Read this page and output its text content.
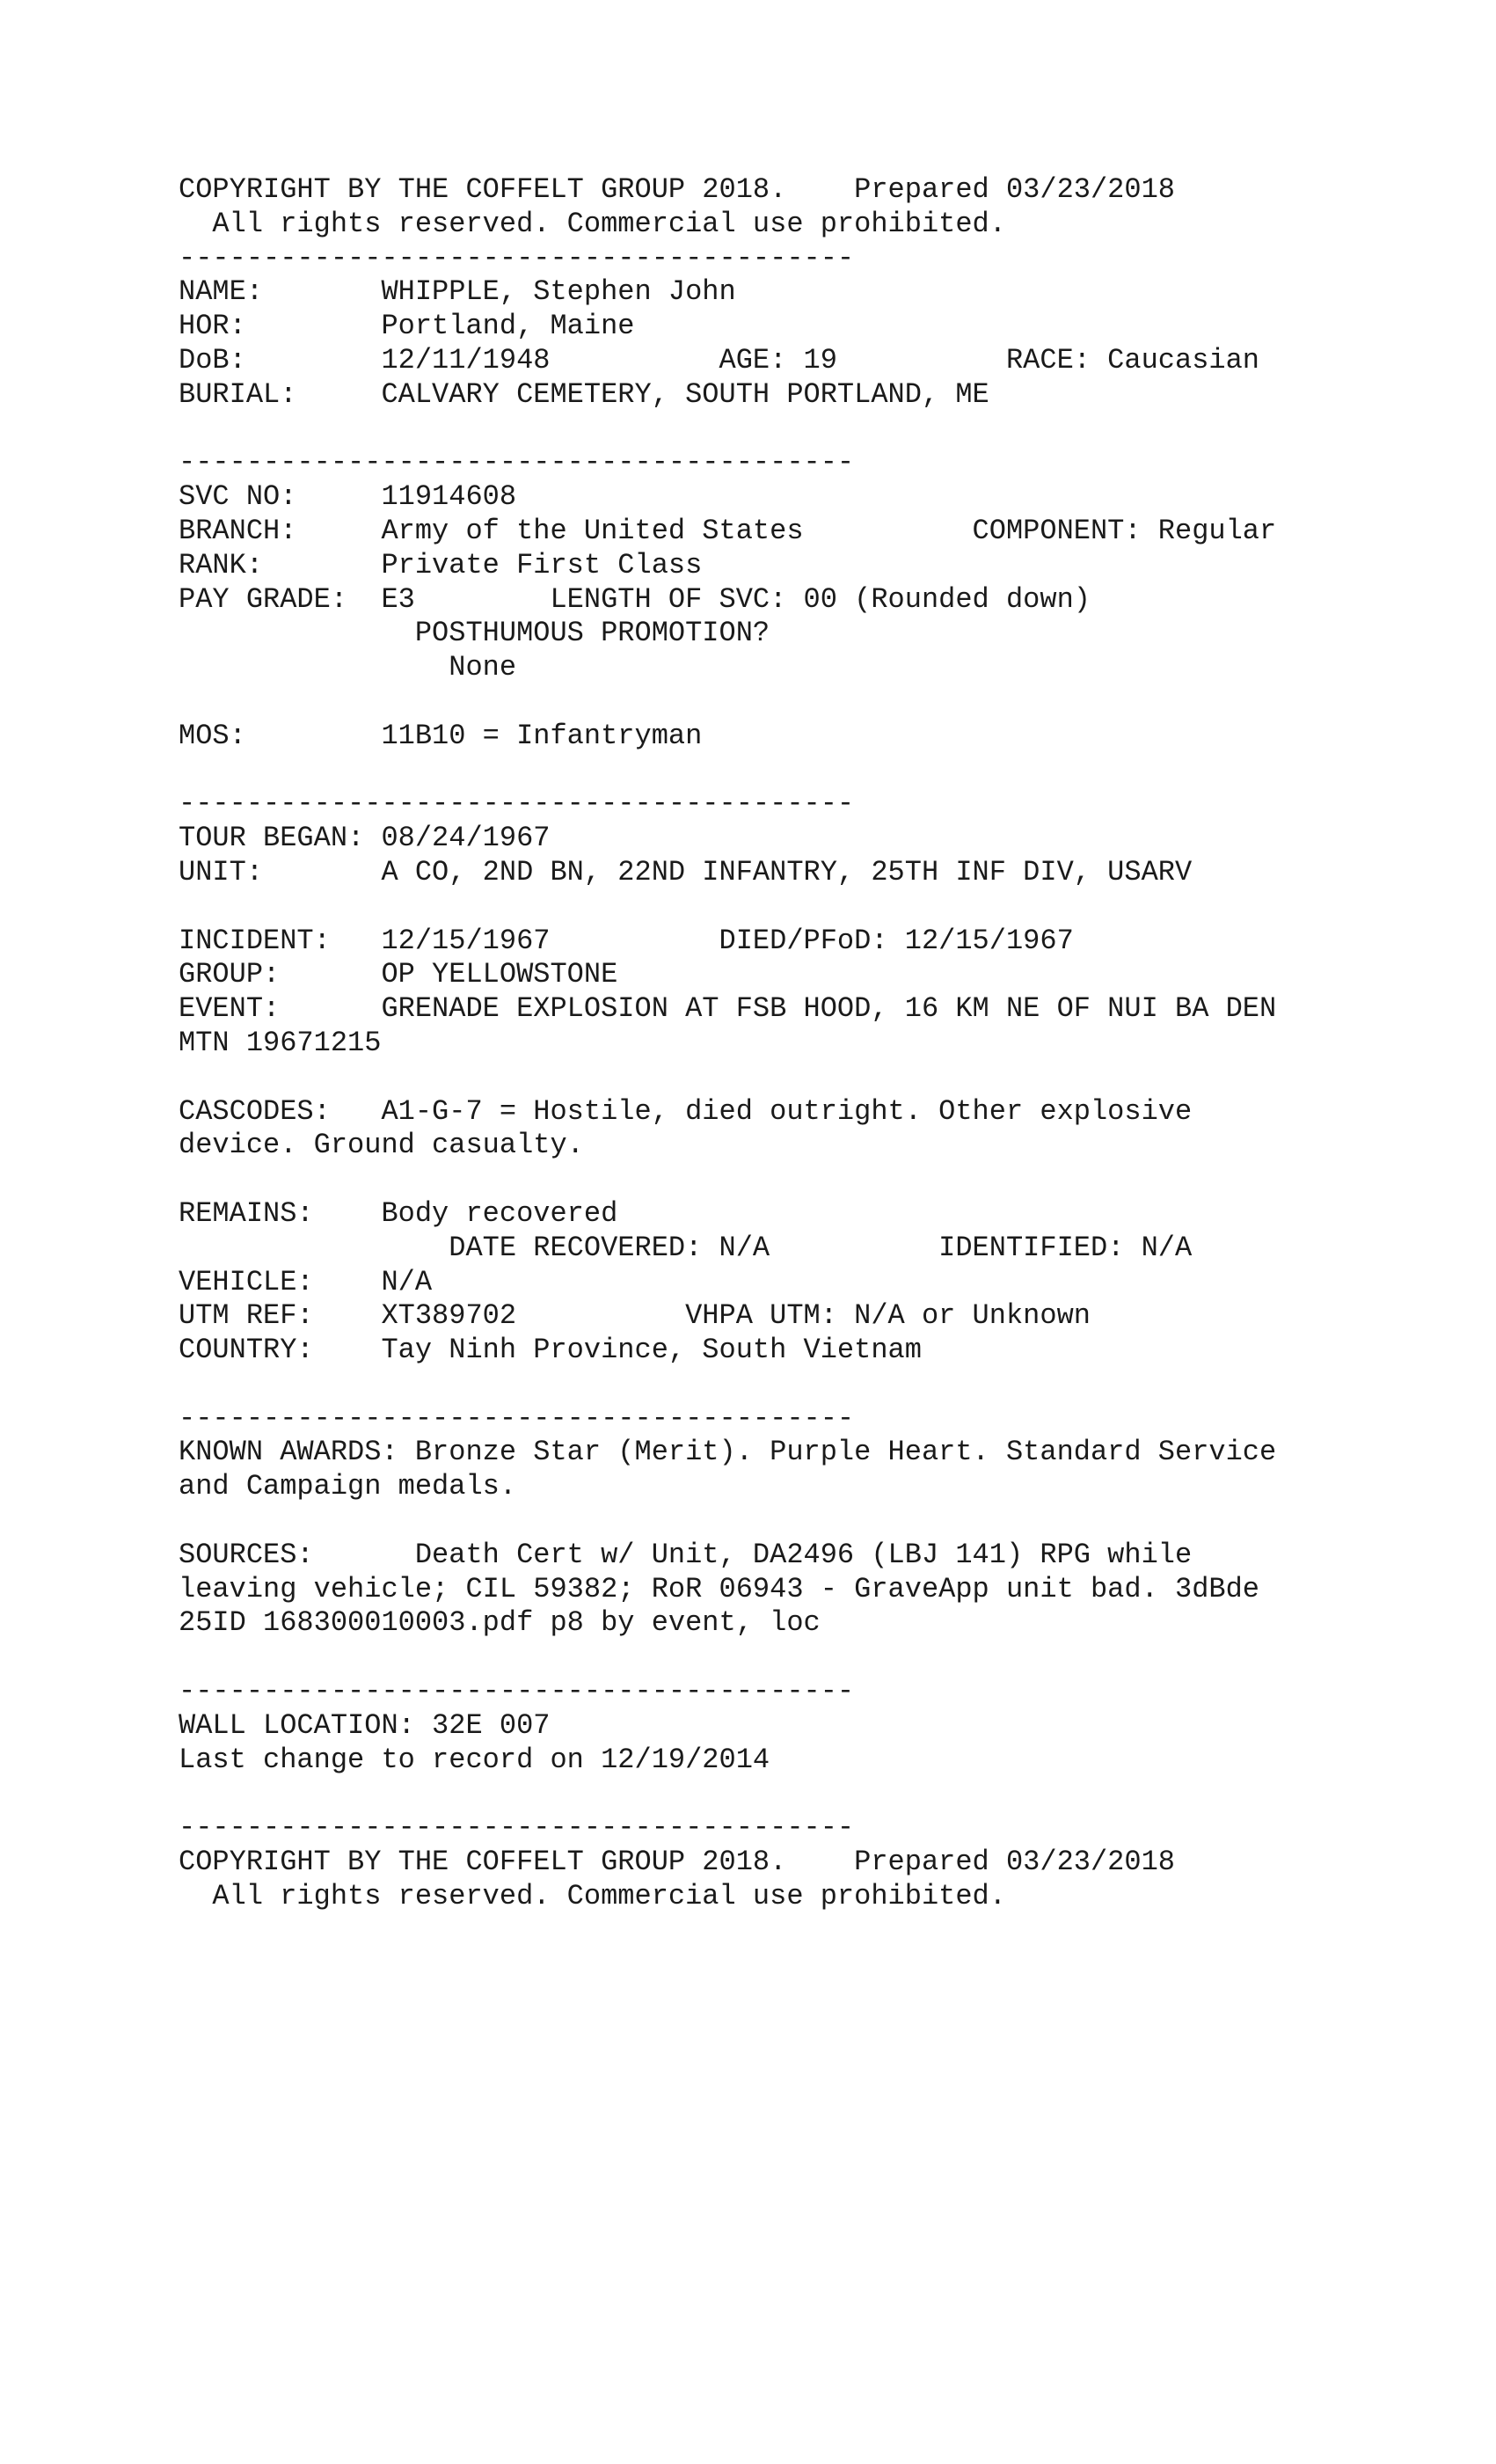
COPYRIGHT BY THE COFFELT GROUP 2018.    Prepared 03/23/2018
All rights reserved. Commercial use prohibited.
----------------------------------------
NAME:       WHIPPLE, Stephen John
HOR:        Portland, Maine
DoB:        12/11/1948          AGE: 19          RACE: Caucasian
BURIAL:     CALVARY CEMETERY, SOUTH PORTLAND, ME

----------------------------------------
SVC NO:     11914608
BRANCH:     Army of the United States          COMPONENT: Regular
RANK:       Private First Class
PAY GRADE:  E3        LENGTH OF SVC: 00 (Rounded down)
POSTHUMOUS PROMOTION?
None

MOS:        11B10 = Infantryman

----------------------------------------
TOUR BEGAN: 08/24/1967
UNIT:       A CO, 2ND BN, 22ND INFANTRY, 25TH INF DIV, USARV

INCIDENT:   12/15/1967          DIED/PFoD: 12/15/1967
GROUP:      OP YELLOWSTONE
EVENT:      GRENADE EXPLOSION AT FSB HOOD, 16 KM NE OF NUI BA DEN
MTN 19671215

CASCODES:   A1-G-7 = Hostile, died outright. Other explosive
device. Ground casualty.

REMAINS:    Body recovered
DATE RECOVERED: N/A          IDENTIFIED: N/A
VEHICLE:    N/A
UTM REF:    XT389702          VHPA UTM: N/A or Unknown
COUNTRY:    Tay Ninh Province, South Vietnam

----------------------------------------
KNOWN AWARDS: Bronze Star (Merit). Purple Heart. Standard Service
and Campaign medals.

SOURCES:      Death Cert w/ Unit, DA2496 (LBJ 141) RPG while
leaving vehicle; CIL 59382; RoR 06943 - GraveApp unit bad. 3dBde
25ID 168300010003.pdf p8 by event, loc

----------------------------------------
WALL LOCATION: 32E 007
Last change to record on 12/19/2014

----------------------------------------
COPYRIGHT BY THE COFFELT GROUP 2018.    Prepared 03/23/2018
All rights reserved. Commercial use prohibited.
